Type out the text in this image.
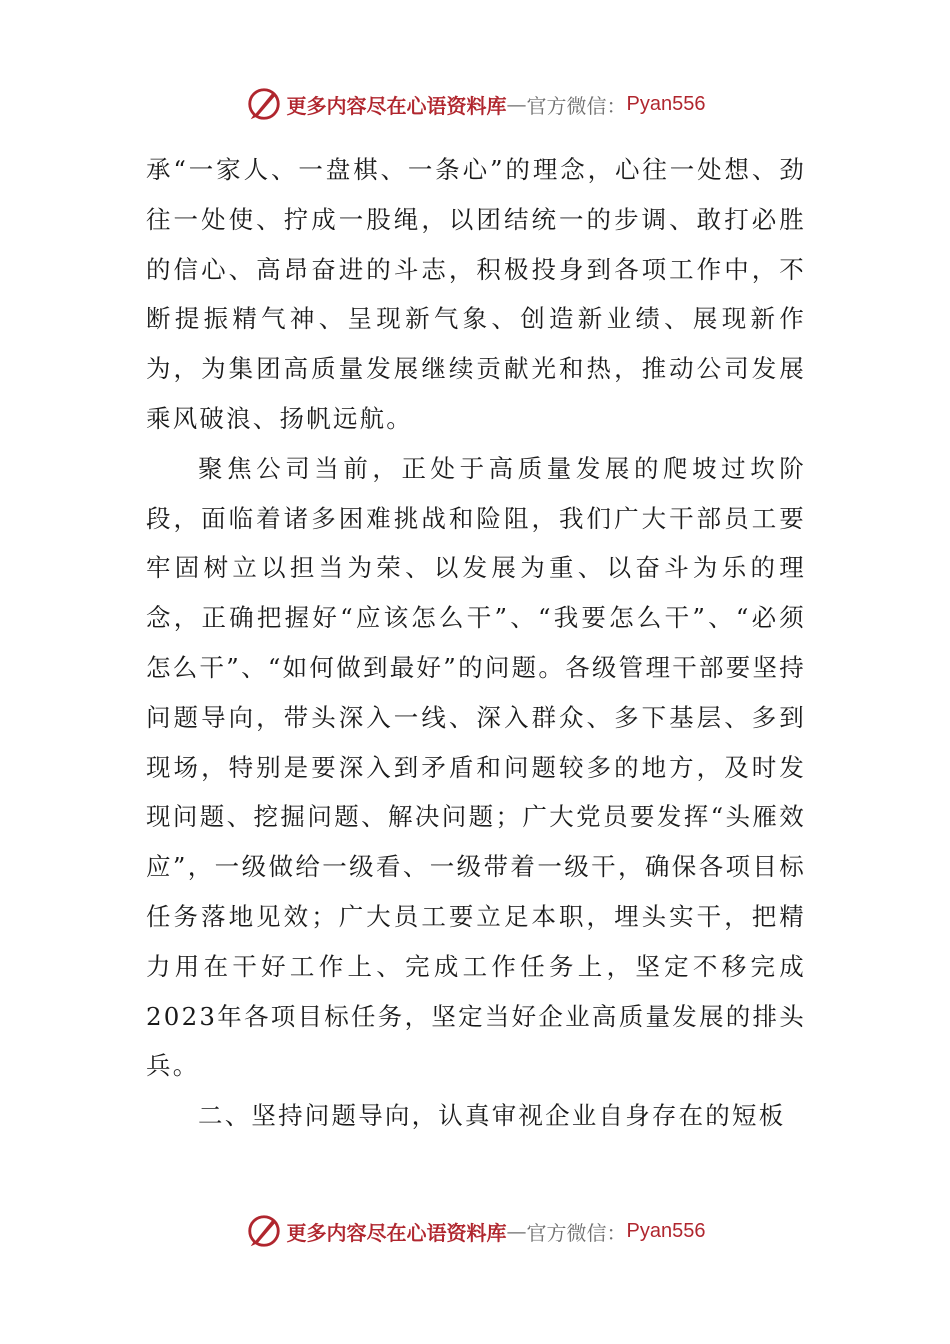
更多内容尽在心语资料库 — 官方微信： Pyan556

承“一家人、一盘棋、一条心”的理念，心往一处想、劲往一处使、拧成一股绳，以团结统一的步调、敢打必胜的信心、高昂奋进的斗志，积极投身到各项工作中，不断提振精气神、呈现新气象、创造新业绩、展现新作为，为集团高质量发展继续贡献光和热，推动公司发展乘风破浪、扬帆远航。

聚焦公司当前，正处于高质量发展的爬坡过坎阶段，面临着诸多困难挑战和险阻，我们广大干部员工要牢固树立以担当为荣、以发展为重、以奋斗为乐的理念，正确把握好“应该怎么干”、“我要怎么干”、“必须怎么干”、“如何做到最好”的问题。各级管理干部要坚持问题导向，带头深入一线、深入群众、多下基层、多到现场，特别是要深入到矛盾和问题较多的地方，及时发现问题、挖掘问题、解决问题；广大党员要发挥“头雁效应”，一级做给一级看、一级带着一级干，确保各项目标任务落地见效；广大员工要立足本职，埋头实干，把精力用在干好工作上、完成工作任务上，坚定不移完成2023年各项目标任务，坚定当好企业高质量发展的排头兵。

二、坚持问题导向，认真审视企业自身存在的短板

更多内容尽在心语资料库 — 官方微信： Pyan556
